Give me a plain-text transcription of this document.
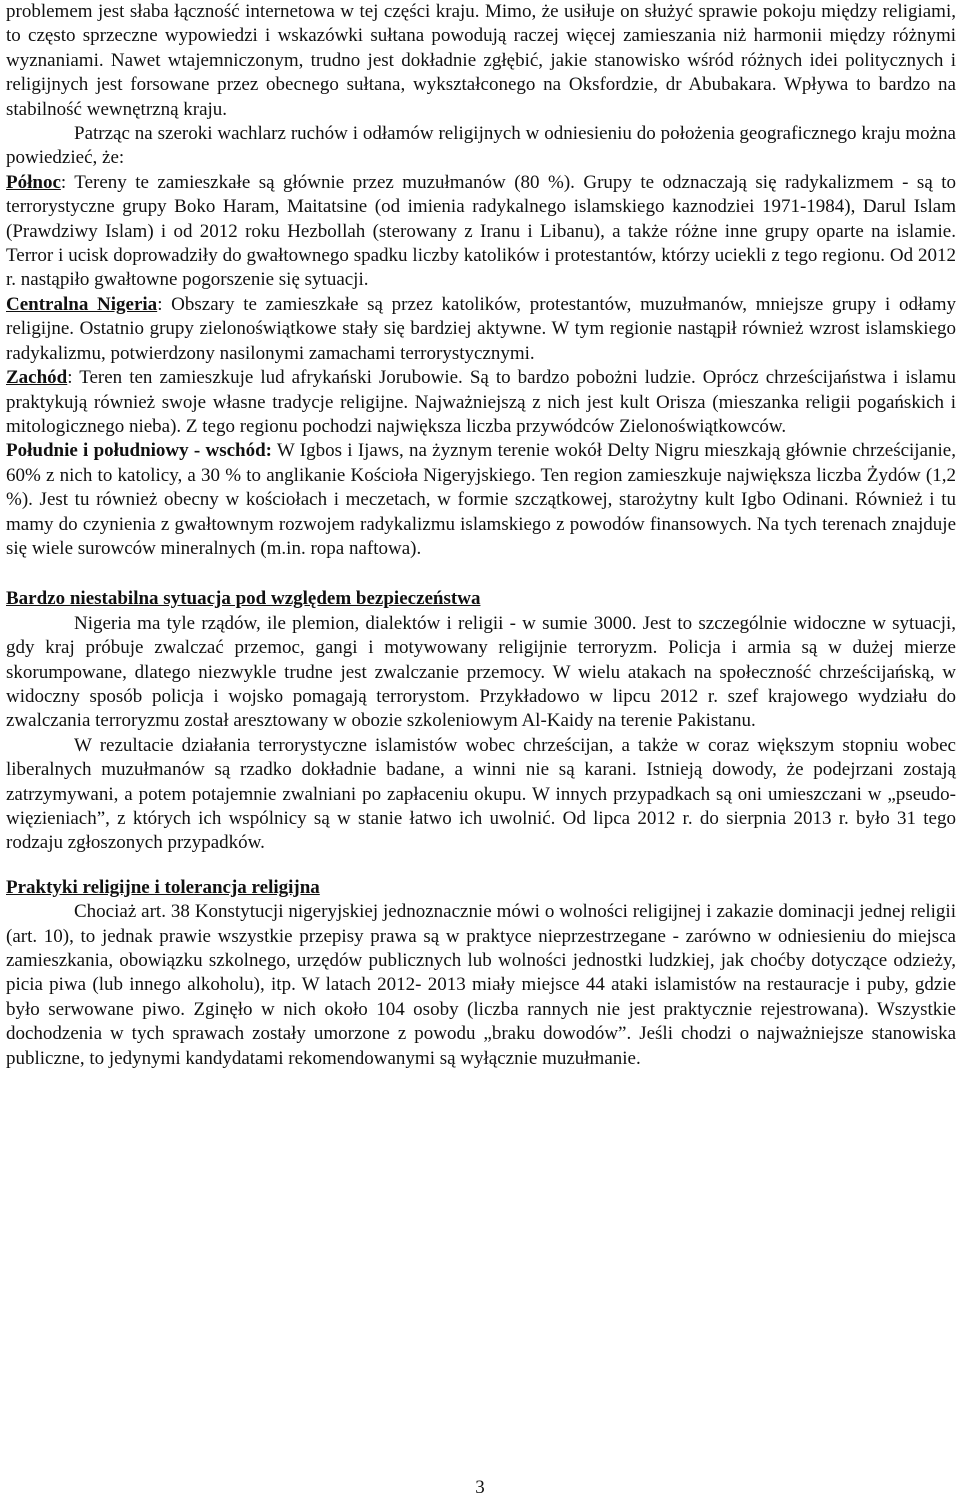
problemem jest słaba łączność internetowa w tej części kraju. Mimo, że usiłuje on służyć sprawie pokoju między religiami, to często sprzeczne wypowiedzi i wskazówki sułtana powodują raczej więcej zamieszania niż harmonii między różnymi wyznaniami. Nawet wtajemniczonym, trudno jest dokładnie zgłębić, jakie stanowisko wśród różnych idei politycznych i religijnych jest forsowane przez obecnego sułtana, wykształconego na Oksfordzie, dr Abubakara. Wpływa to bardzo na stabilność wewnętrzną kraju.

Patrząc na szeroki wachlarz ruchów i odłamów religijnych w odniesieniu do położenia geograficznego kraju można powiedzieć, że:

Północ: Tereny te zamieszkałe są głównie przez muzułmanów (80 %). Grupy te odznaczają się radykalizmem - są to terrorystyczne grupy Boko Haram, Maitatsine (od imienia radykalnego islamskiego kaznodziei 1971-1984), Darul Islam (Prawdziwy Islam) i od 2012 roku Hezbollah (sterowany z Iranu i Libanu), a także różne inne grupy oparte na islamie. Terror i ucisk doprowadziły do gwałtownego spadku liczby katolików i protestantów, którzy uciekli z tego regionu. Od 2012 r. nastąpiło gwałtowne pogorszenie się sytuacji.

Centralna Nigeria: Obszary te zamieszkałe są przez katolików, protestantów, muzułmanów, mniejsze grupy i odłamy religijne. Ostatnio grupy zielonoświątkowe stały się bardziej aktywne. W tym regionie nastąpił również wzrost islamskiego radykalizmu, potwierdzony nasilonymi zamachami terrorystycznymi.

Zachód: Teren ten zamieszkuje lud afrykański Jorubowie. Są to bardzo pobożni ludzie. Oprócz chrześcijaństwa i islamu praktykują również swoje własne tradycje religijne. Najważniejszą z nich jest kult Orisza (mieszanka religii pogańskich i mitologicznego nieba). Z tego regionu pochodzi największa liczba przywódców Zielonoświątkowców.

Południe i południowy - wschód: W Igbos i Ijaws, na żyznym terenie wokół Delty Nigru mieszkają głównie chrześcijanie, 60% z nich to katolicy, a 30 % to anglikanie Kościoła Nigeryjskiego. Ten region zamieszkuje największa liczba Żydów (1,2 %). Jest tu również obecny w kościołach i meczetach, w formie szczątkowej, starożytny kult Igbo Odinani. Również i tu mamy do czynienia z gwałtownym rozwojem radykalizmu islamskiego z powodów finansowych. Na tych terenach znajduje się wiele surowców mineralnych (m.in. ropa naftowa).

Bardzo niestabilna sytuacja pod względem bezpieczeństwa

Nigeria ma tyle rządów, ile plemion, dialektów i religii - w sumie 3000. Jest to szczególnie widoczne w sytuacji, gdy kraj próbuje zwalczać przemoc, gangi i motywowany religijnie terroryzm. Policja i armia są w dużej mierze skorumpowane, dlatego niezwykle trudne jest zwalczanie przemocy. W wielu atakach na społeczność chrześcijańską, w widoczny sposób policja i wojsko pomagają terrorystom. Przykładowo w lipcu 2012 r. szef krajowego wydziału do zwalczania terroryzmu został aresztowany w obozie szkoleniowym Al-Kaidy na terenie Pakistanu.

W rezultacie działania terrorystyczne islamistów wobec chrześcijan, a także w coraz większym stopniu wobec liberalnych muzułmanów są rzadko dokładnie badane, a winni nie są karani. Istnieją dowody, że podejrzani zostają zatrzymywani, a potem potajemnie zwalniani po zapłaceniu okupu. W innych przypadkach są oni umieszczani w „pseudo-więzieniach”, z których ich wspólnicy są w stanie łatwo ich uwolnić. Od lipca 2012 r. do sierpnia 2013 r. było 31 tego rodzaju zgłoszonych przypadków.

Praktyki religijne i tolerancja religijna

Chociaż art. 38 Konstytucji nigeryjskiej jednoznacznie mówi o wolności religijnej i zakazie dominacji jednej religii (art. 10), to jednak prawie wszystkie przepisy prawa są w praktyce nieprzestrzegane - zarówno w odniesieniu do miejsca zamieszkania, obowiązku szkolnego, urzędów publicznych lub wolności jednostki ludzkiej, jak choćby dotyczące odzieży, picia piwa (lub innego alkoholu), itp. W latach 2012- 2013 miały miejsce 44 ataki islamistów na restauracje i puby, gdzie było serwowane piwo. Zginęło w nich około 104 osoby (liczba rannych nie jest praktycznie rejestrowana). Wszystkie dochodzenia w tych sprawach zostały umorzone z powodu „braku dowodów”. Jeśli chodzi o najważniejsze stanowiska publiczne, to jedynymi kandydatami rekomendowanymi są wyłącznie muzułmanie.

3
